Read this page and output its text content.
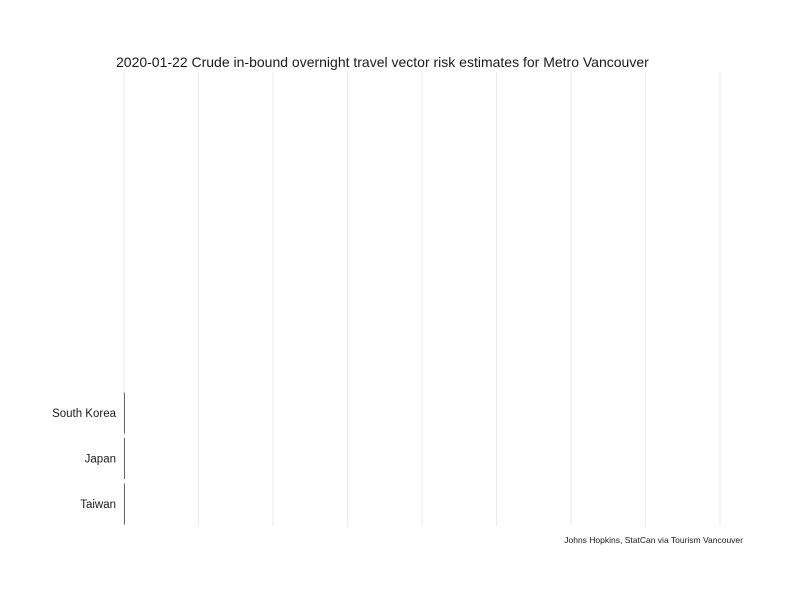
South Korea
Japan
Taiwan
2020-01-22 Crude in-bound overnight travel vector risk estimates for Metro Vancouver
Johns Hopkins, StatCan via Tourism Vancouver
